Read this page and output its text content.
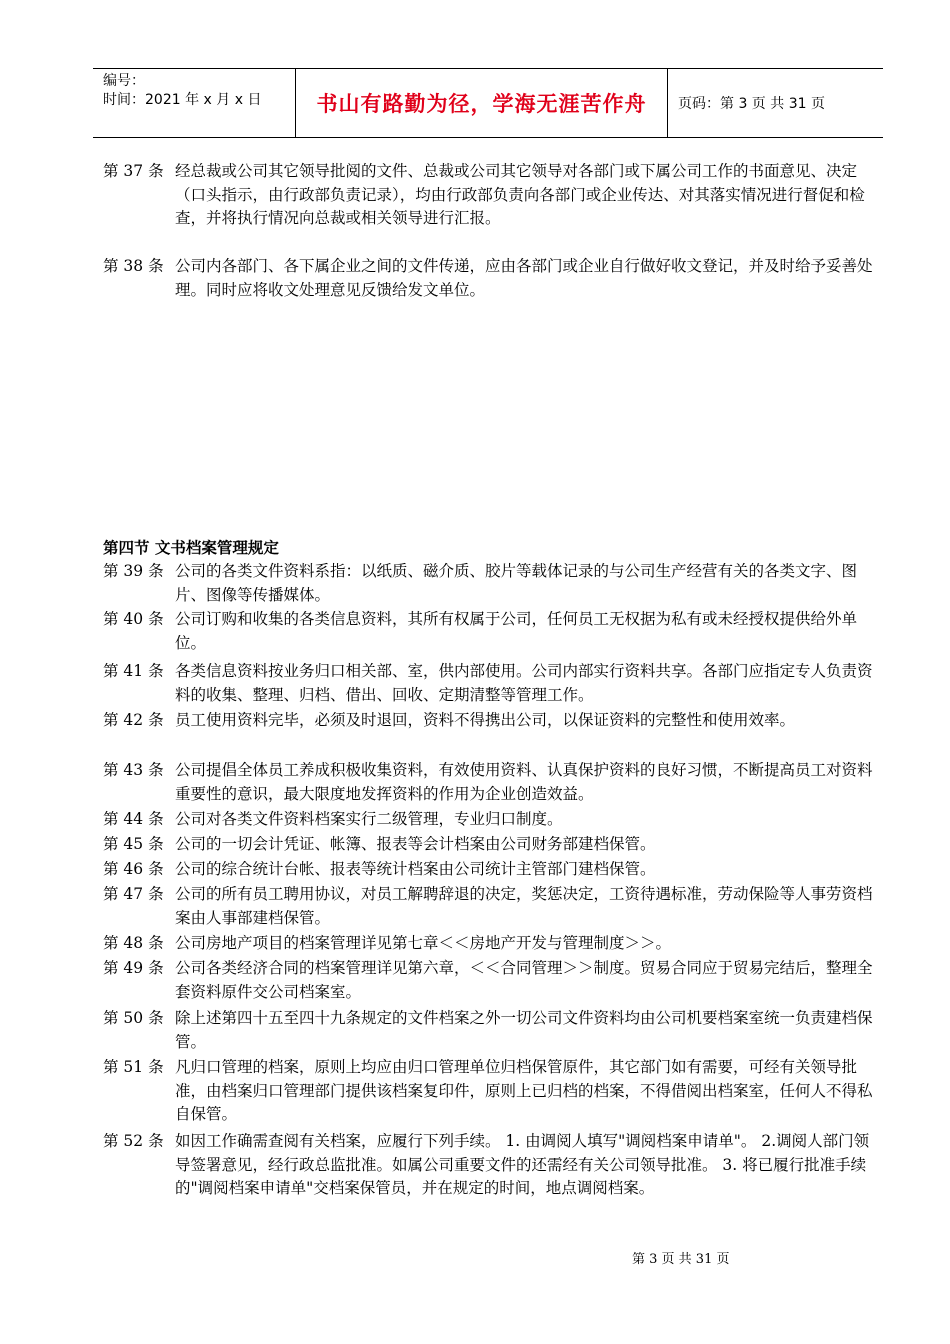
编号：
时间：2021 年 x 月 x 日	书山有路勤为径，学海无涯苦作舟 页码：第 3 页 共 31 页
第 37 条 经总裁或公司其它领导批阅的文件、总裁或公司其它领导对各部门或下属公司工作的书面意见、决定（口头指示，由行政部负责记录），均由行政部负责向各部门或企业传达、对其落实情况进行督促和检查，并将执行情况向总裁或相关领导进行汇报。
第 38 条 公司内各部门、各下属企业之间的文件传递，应由各部门或企业自行做好收文登记，并及时给予妥善处理。同时应将收文处理意见反馈给发文单位。
第四节 文书档案管理规定
第 39 条 公司的各类文件资料系指：以纸质、磁介质、胶片等载体记录的与公司生产经营有关的各类文字、图片、图像等传播媒体。
第 40 条 公司订购和收集的各类信息资料，其所有权属于公司，任何员工无权据为私有或未经授权提供给外单位。
第 41 条 各类信息资料按业务归口相关部、室，供内部使用。公司内部实行资料共享。各部门应指定专人负责资料的收集、整理、归档、借出、回收、定期清整等管理工作。
第 42 条 员工使用资料完毕，必须及时退回，资料不得携出公司，以保证资料的完整性和使用效率。
第 43 条 公司提倡全体员工养成积极收集资料，有效使用资料、认真保护资料的良好习惯，不断提高员工对资料重要性的意识，最大限度地发挥资料的作用为企业创造效益。
第 44 条 公司对各类文件资料档案实行二级管理，专业归口制度。
第 45 条 公司的一切会计凭证、帐簿、报表等会计档案由公司财务部建档保管。
第 46 条 公司的综合统计台帐、报表等统计档案由公司统计主管部门建档保管。
第 47 条 公司的所有员工聘用协议，对员工解聘辞退的决定，奖惩决定，工资待遇标准，劳动保险等人事劳资档案由人事部建档保管。
第 48 条 公司房地产项目的档案管理详见第七章＜＜房地产开发与管理制度＞＞。
第 49 条 公司各类经济合同的档案管理详见第六章，＜＜合同管理＞＞制度。贸易合同应于贸易完结后，整理全套资料原件交公司档案室。
第 50 条 除上述第四十五至四十九条规定的文件档案之外一切公司文件资料均由公司机要档案室统一负责建档保管。
第 51 条 凡归口管理的档案，原则上均应由归口管理单位归档保管原件，其它部门如有需要，可经有关领导批准，由档案归口管理部门提供该档案复印件，原则上已归档的档案，不得借阅出档案室，任何人不得私自保管。
第 52 条 如因工作确需查阅有关档案，应履行下列手续。 1. 由调阅人填写"调阅档案申请单"。 2.调阅人部门领导签署意见，经行政总监批准。如属公司重要文件的还需经有关公司领导批准。 3. 将已履行批准手续的"调阅档案申请单"交档案保管员，并在规定的时间，地点调阅档案。
第 3 页 共 31 页
